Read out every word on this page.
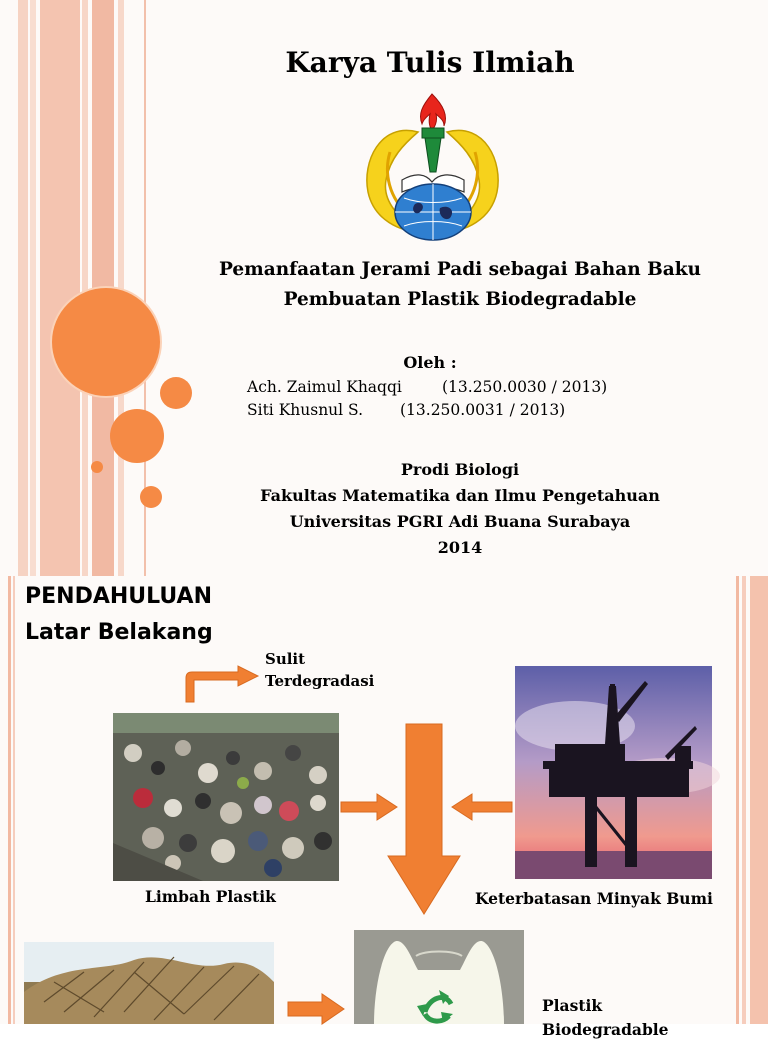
Karya Tulis Ilmiah
Pemanfaatan Jerami Padi sebagai Bahan Baku
Pembuatan Plastik Biodegradable
Oleh :
Ach. Zaimul Khaqqi	(13.250.0030 / 2013)
Siti Khusnul S. (13.250.0031 / 2013)
Prodi Biologi
Fakultas Matematika dan Ilmu Pengetahuan
Universitas PGRI Adi Buana Surabaya
2014
PENDAHULUAN
Latar Belakang
Sulit
Terdegradasi
Limbah Plastik	Keterbatasan Minyak Bumi
Plastik
Biodegradable
